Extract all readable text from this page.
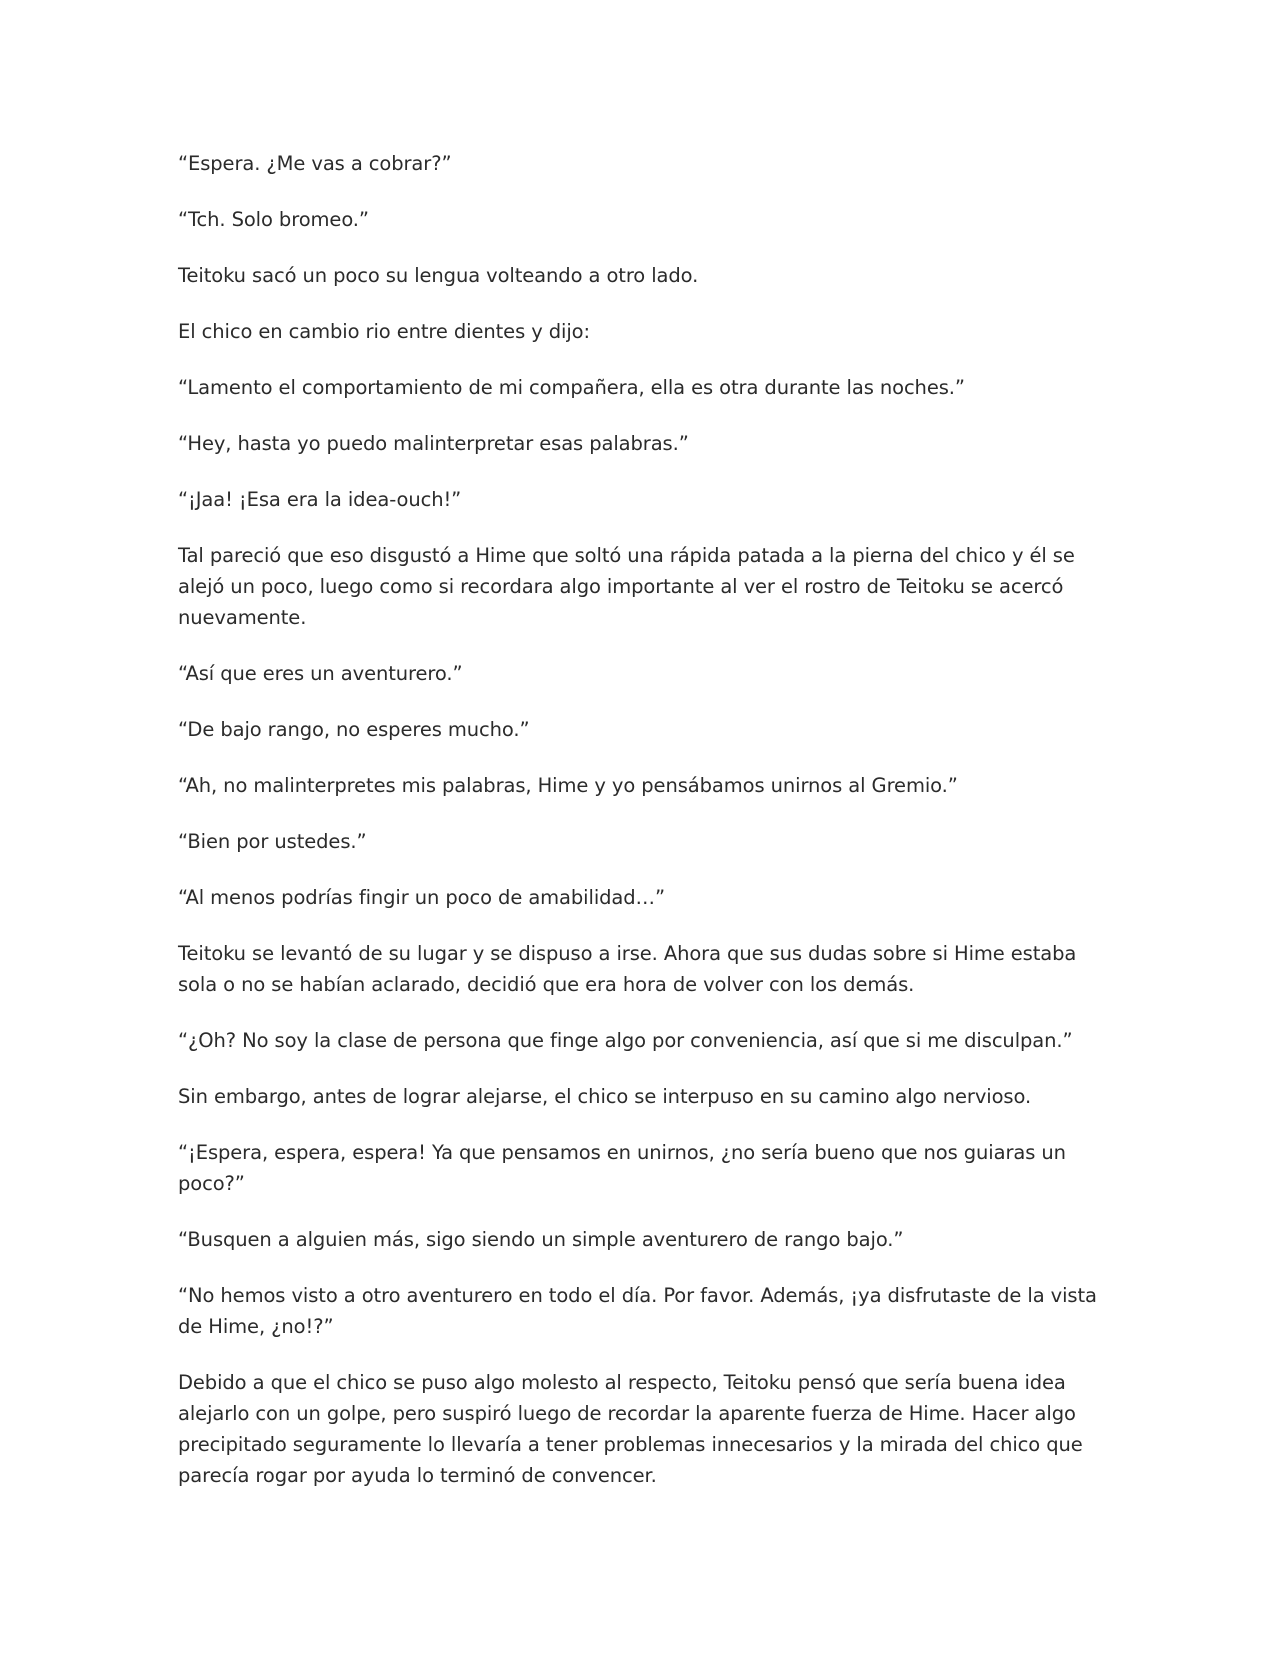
“Espera. ¿Me vas a cobrar?”

“Tch. Solo bromeo.”

Teitoku sacó un poco su lengua volteando a otro lado.

El chico en cambio rio entre dientes y dijo:

“Lamento el comportamiento de mi compañera, ella es otra durante las noches.”

“Hey, hasta yo puedo malinterpretar esas palabras.”

“¡Jaa! ¡Esa era la idea-ouch!”

Tal pareció que eso disgustó a Hime que soltó una rápida patada a la pierna del chico y él se alejó un poco, luego como si recordara algo importante al ver el rostro de Teitoku se acercó nuevamente.

“Así que eres un aventurero.”

“De bajo rango, no esperes mucho.”

“Ah, no malinterpretes mis palabras, Hime y yo pensábamos unirnos al Gremio.”

“Bien por ustedes.”

“Al menos podrías fingir un poco de amabilidad…”

Teitoku se levantó de su lugar y se dispuso a irse. Ahora que sus dudas sobre si Hime estaba sola o no se habían aclarado, decidió que era hora de volver con los demás.

“¿Oh? No soy la clase de persona que finge algo por conveniencia, así que si me disculpan.”

Sin embargo, antes de lograr alejarse, el chico se interpuso en su camino algo nervioso.

“¡Espera, espera, espera! Ya que pensamos en unirnos, ¿no sería bueno que nos guiaras un poco?”

“Busquen a alguien más, sigo siendo un simple aventurero de rango bajo.”

“No hemos visto a otro aventurero en todo el día. Por favor. Además, ¡ya disfrutaste de la vista de Hime, ¿no!?”

Debido a que el chico se puso algo molesto al respecto, Teitoku pensó que sería buena idea alejarlo con un golpe, pero suspiró luego de recordar la aparente fuerza de Hime. Hacer algo precipitado seguramente lo llevaría a tener problemas innecesarios y la mirada del chico que parecía rogar por ayuda lo terminó de convencer.
